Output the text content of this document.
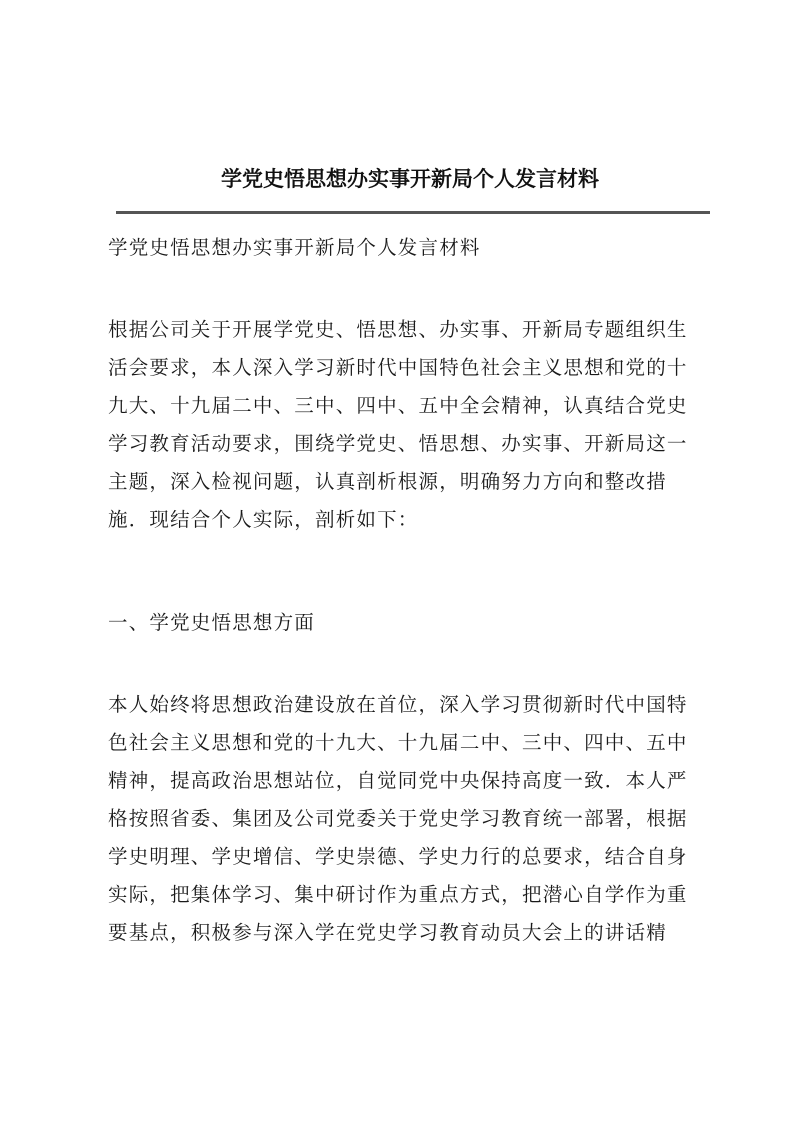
学党史悟思想办实事开新局个人发言材料

学党史悟思想办实事开新局个人发言材料

根据公司关于开展学党史、悟思想、办实事、开新局专题组织生活会要求，本人深入学习新时代中国特色社会主义思想和党的十九大、十九届二中、三中、四中、五中全会精神，认真结合党史学习教育活动要求，围绕学党史、悟思想、办实事、开新局这一主题，深入检视问题，认真剖析根源，明确努力方向和整改措施．现结合个人实际，剖析如下：

一、学党史悟思想方面

本人始终将思想政治建设放在首位，深入学习贯彻新时代中国特色社会主义思想和党的十九大、十九届二中、三中、四中、五中精神，提高政治思想站位，自觉同党中央保持高度一致．本人严格按照省委、集团及公司党委关于党史学习教育统一部署，根据学史明理、学史增信、学史崇德、学史力行的总要求，结合自身实际，把集体学习、集中研讨作为重点方式，把潜心自学作为重要基点，积极参与深入学在党史学习教育动员大会上的讲话精
